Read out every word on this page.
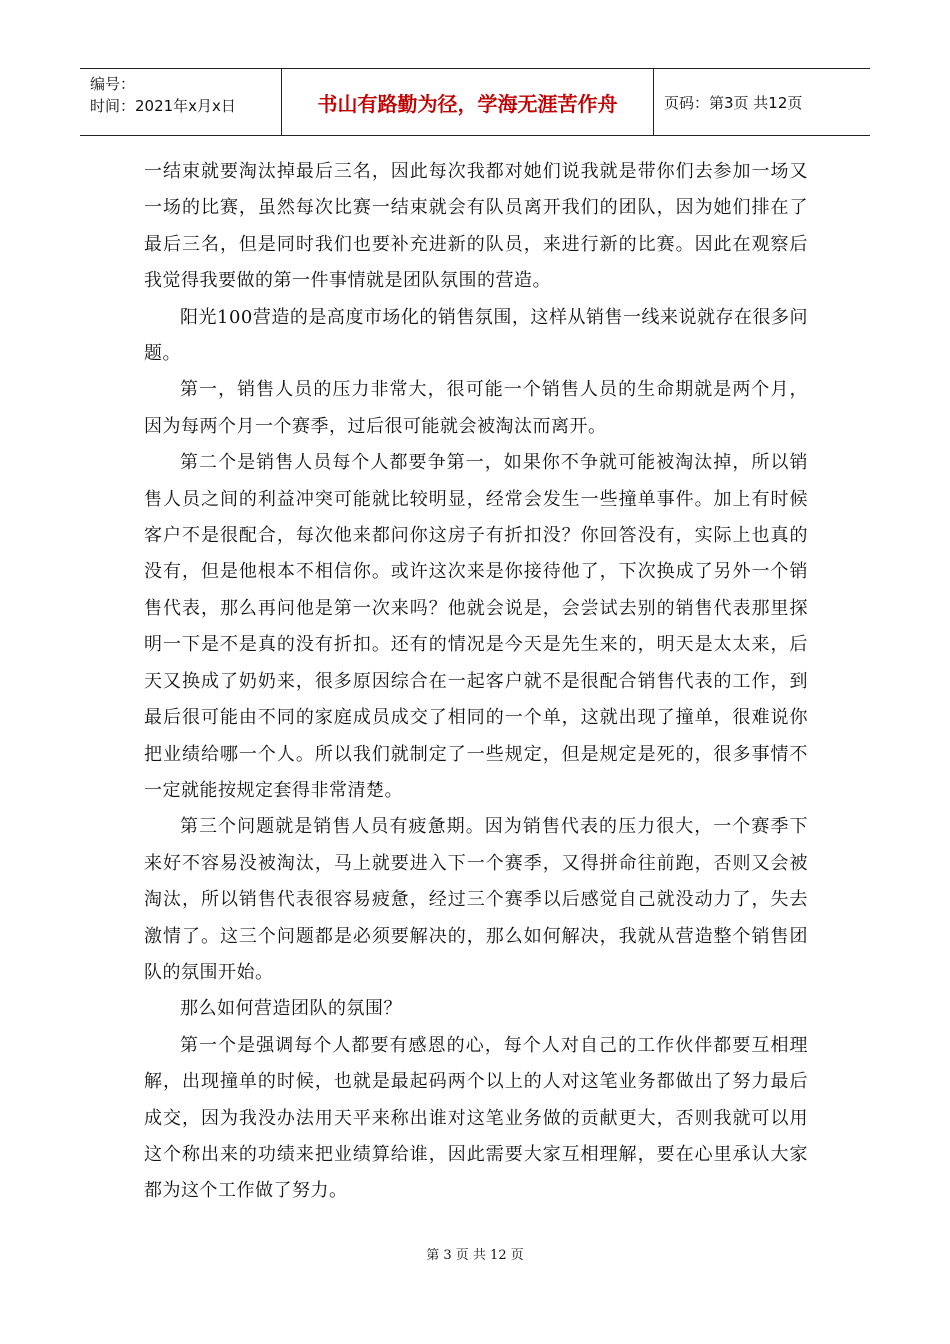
编号：
时间：2021年x月x日	书山有路勤为径，学海无涯苦作舟	页码：第3页 共12页

一结束就要淘汰掉最后三名，因此每次我都对她们说我就是带你们去参加一场又一场的比赛，虽然每次比赛一结束就会有队员离开我们的团队，因为她们排在了最后三名，但是同时我们也要补充进新的队员，来进行新的比赛。因此在观察后我觉得我要做的第一件事情就是团队氛围的营造。

阳光100营造的是高度市场化的销售氛围，这样从销售一线来说就存在很多问题。

第一，销售人员的压力非常大，很可能一个销售人员的生命期就是两个月，因为每两个月一个赛季，过后很可能就会被淘汰而离开。

第二个是销售人员每个人都要争第一，如果你不争就可能被淘汰掉，所以销售人员之间的利益冲突可能就比较明显，经常会发生一些撞单事件。加上有时候客户不是很配合，每次他来都问你这房子有折扣没？你回答没有，实际上也真的没有，但是他根本不相信你。或许这次来是你接待他了，下次换成了另外一个销售代表，那么再问他是第一次来吗？他就会说是，会尝试去别的销售代表那里探明一下是不是真的没有折扣。还有的情况是今天是先生来的，明天是太太来，后天又换成了奶奶来，很多原因综合在一起客户就不是很配合销售代表的工作，到最后很可能由不同的家庭成员成交了相同的一个单，这就出现了撞单，很难说你把业绩给哪一个人。所以我们就制定了一些规定，但是规定是死的，很多事情不一定就能按规定套得非常清楚。

第三个问题就是销售人员有疲惫期。因为销售代表的压力很大，一个赛季下来好不容易没被淘汰，马上就要进入下一个赛季，又得拼命往前跑，否则又会被淘汰，所以销售代表很容易疲惫，经过三个赛季以后感觉自己就没动力了，失去激情了。这三个问题都是必须要解决的，那么如何解决，我就从营造整个销售团队的氛围开始。

那么如何营造团队的氛围？

第一个是强调每个人都要有感恩的心，每个人对自己的工作伙伴都要互相理解，出现撞单的时候，也就是最起码两个以上的人对这笔业务都做出了努力最后成交，因为我没办法用天平来称出谁对这笔业务做的贡献更大，否则我就可以用这个称出来的功绩来把业绩算给谁，因此需要大家互相理解，要在心里承认大家都为这个工作做了努力。

第 3 页 共 12 页
